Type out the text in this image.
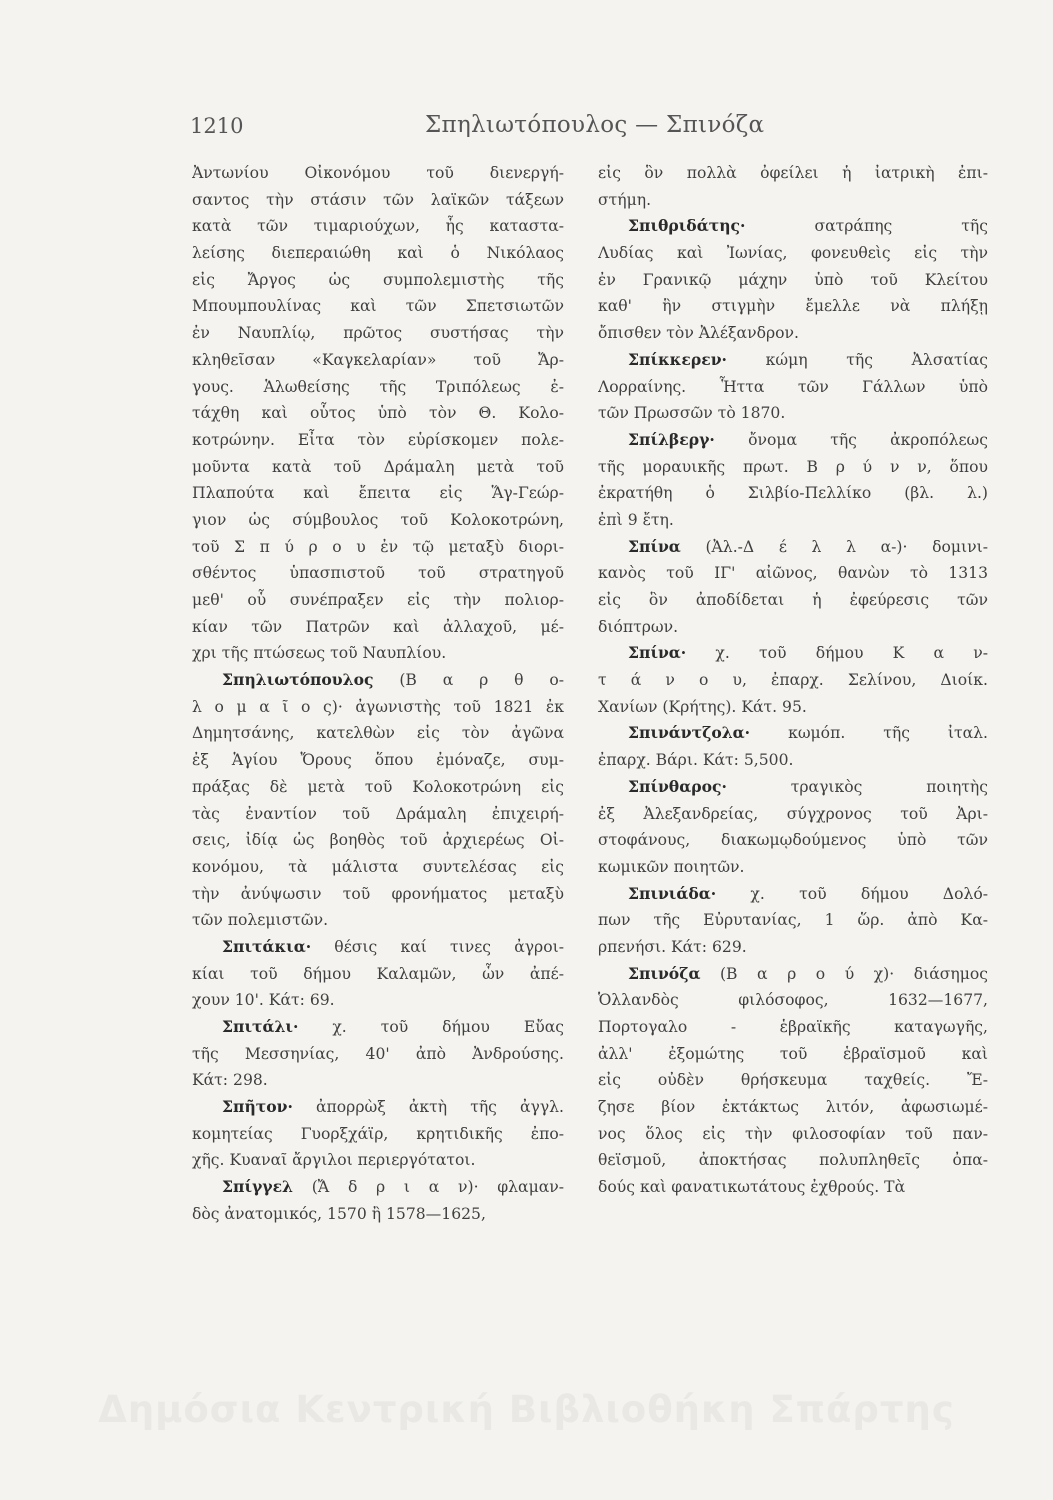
1210	Σπηλιωτόπουλος — Σπινόζα
Ἀντωνίου Οἰκονόμου τοῦ διενεργή-
σαντος τὴν στάσιν τῶν λαϊκῶν τάξεων
κατὰ τῶν τιμαριούχων, ἧς καταστα-
λείσης διεπεραιώθη καὶ ὁ Νικόλαος
εἰς Ἄργος ὡς συμπολεμιστὴς τῆς
Μπουμπουλίνας καὶ τῶν Σπετσιωτῶν
ἐν Ναυπλίῳ, πρῶτος συστήσας τὴν
κληθεῖσαν «Καγκελαρίαν» τοῦ Ἄρ-
γους. Ἁλωθείσης τῆς Τριπόλεως ἐ-
τάχθη καὶ οὗτος ὑπὸ τὸν Θ. Κολο-
κοτρώνην. Εἶτα τὸν εὑρίσκομεν πολε-
μοῦντα κατὰ τοῦ Δράμαλη μετὰ τοῦ
Πλαπούτα καὶ ἔπειτα εἰς Ἅγ-Γεώρ-
γιον ὡς σύμβουλος τοῦ Κολοκοτρώνη,
τοῦ Σ π ύ ρ ο υ ἐν τῷ μεταξὺ διορι-
σθέντος ὑπασπιστοῦ τοῦ στρατηγοῦ
μεθ' οὗ συνέπραξεν εἰς τὴν πολιορ-
κίαν τῶν Πατρῶν καὶ ἀλλαχοῦ, μέ-
χρι τῆς πτώσεως τοῦ Ναυπλίου.
Σπηλιωτόπουλος (Β α ρ θ ο-
λ ο μ α ῖ ο ς)· ἀγωνιστὴς τοῦ 1821 ἐκ
Δημητσάνης, κατελθὼν εἰς τὸν ἀγῶνα
ἐξ Ἁγίου Ὄρους ὅπου ἐμόναζε, συμ-
πράξας δὲ μετὰ τοῦ Κολοκοτρώνη εἰς
τὰς ἐναντίον τοῦ Δράμαλη ἐπιχειρή-
σεις, ἰδίᾳ ὡς βοηθὸς τοῦ ἀρχιερέως Οἰ-
κονόμου, τὰ μάλιστα συντελέσας εἰς
τὴν ἀνύψωσιν τοῦ φρονήματος μεταξὺ
τῶν πολεμιστῶν.
Σπιτάκια· θέσις καί τινες ἀγροι-
κίαι τοῦ δήμου Καλαμῶν, ὧν ἀπέ-
χουν 10'. Κάτ: 69.
Σπιτάλι· χ. τοῦ δήμου Εὔας
τῆς Μεσσηνίας, 40' ἀπὸ Ἀνδρούσης.
Κάτ: 298.
Σπῆτον· ἀπορρὼξ ἀκτὴ τῆς ἀγγλ.
κομητείας Γυορξχάϊρ, κρητιδικῆς ἐπο-
χῆς. Κυαναῖ ἄργιλοι περιεργότατοι.
Σπίγγελ (Ἄ δ ρ ι α ν)· φλαμαν-
δὸς ἀνατομικός, 1570 ἢ 1578—1625,
εἰς ὃν πολλὰ ὀφείλει ἡ ἰατρικὴ ἐπι-
στήμη.
Σπιθριδάτης· σατράπης τῆς
Λυδίας καὶ Ἰωνίας, φονευθεὶς εἰς τὴν
ἐν Γρανικῷ μάχην ὑπὸ τοῦ Κλείτου
καθ' ἣν στιγμὴν ἔμελλε νὰ πλήξῃ
ὄπισθεν τὸν Ἀλέξανδρον.
Σπίκκερεν· κώμη τῆς Ἀλσατίας
Λορραίνης. Ἧττα τῶν Γάλλων ὑπὸ
τῶν Πρωσσῶν τὸ 1870.
Σπίλβεργ· ὄνομα τῆς ἀκροπόλεως
τῆς μοραυικῆς πρωτ. Β ρ ύ ν ν, ὅπου
ἐκρατήθη ὁ Σιλβίο-Πελλίκο (βλ. λ.)
ἐπὶ 9 ἔτη.
Σπίνα (Ἀλ.-Δ έ λ λ α-)· δομινι-
κανὸς τοῦ ΙΓ' αἰῶνος, θανὼν τὸ 1313
εἰς ὃν ἀποδίδεται ἡ ἐφεύρεσις τῶν
διόπτρων.
Σπίνα· χ. τοῦ δήμου Κ α ν-
τ ά ν ο υ, ἐπαρχ. Σελίνου, Διοίκ.
Χανίων (Κρήτης). Κάτ. 95.
Σπινάντζολα· κωμόπ. τῆς ἰταλ.
ἐπαρχ. Βάρι. Κάτ: 5,500.
Σπίνθαρος· τραγικὸς ποιητὴς
ἐξ Ἀλεξανδρείας, σύγχρονος τοῦ Ἀρι-
στοφάνους, διακωμῳδούμενος ὑπὸ τῶν
κωμικῶν ποιητῶν.
Σπινιάδα· χ. τοῦ δήμου Δολό-
πων τῆς Εὐρυτανίας, 1 ὥρ. ἀπὸ Κα-
ρπενήσι. Κάτ: 629.
Σπινόζα (Β α ρ ο ύ χ)· διάσημος
Ὁλλανδὸς φιλόσοφος, 1632—1677,
Πορτογαλο - ἑβραϊκῆς καταγωγῆς,
ἀλλ' ἐξομώτης τοῦ ἑβραϊσμοῦ καὶ
εἰς οὐδὲν θρήσκευμα ταχθείς. Ἔ-
ζησε βίον ἐκτάκτως λιτόν, ἀφωσιωμέ-
νος ὅλος εἰς τὴν φιλοσοφίαν τοῦ παν-
θεϊσμοῦ, ἀποκτήσας πολυπληθεῖς ὀπα-
δούς καὶ φανατικωτάτους ἐχθρούς. Τὰ
Δημόσια Κεντρική Βιβλιοθήκη Σπάρτης
